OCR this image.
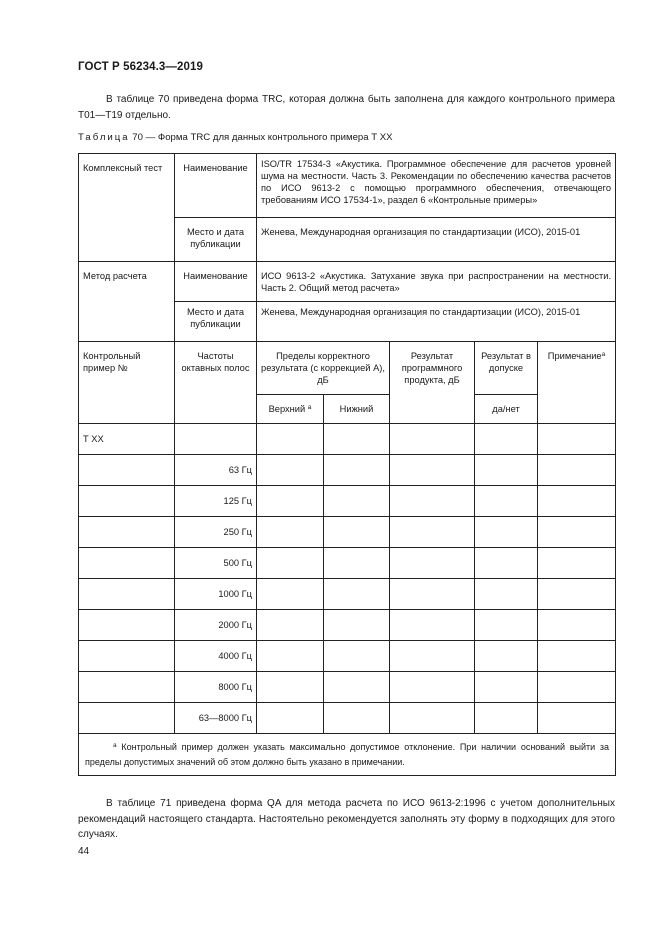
ГОСТ Р 56234.3—2019

В таблице 70 приведена форма TRC, которая должна быть заполнена для каждого контрольного примера Т01—Т19 отдельно.

Таблица 70 — Форма TRC для данных контрольного примера Т XX
Комплексный тест	Наименование	ISO/TR 17534-3 «Акустика. Программное обеспечение для расчетов уровней шума на местности. Часть 3. Рекомендации по обеспечению качества расчетов по ИСО 9613-2 с помощью программного обеспечения, отвечающего требованиям ИСО 17534-1», раздел 6 «Контрольные примеры»				
	Место и дата публикации	Женева, Международная организация по стандартизации (ИСО), 2015-01				
Метод расчета	Наименование	ИСО 9613-2 «Акустика. Затухание звука при распространении на местности. Часть 2. Общий метод расчета»				
	Место и дата публикации	Женева, Международная организация по стандартизации (ИСО), 2015-01				
Контрольный пример №	Частоты октавных полос	Пределы корректного результата (с коррекцией А), дБ		Результат программного продукта, дБ	Результат в допуске	Примечание$^а$
		Верхний $^а$	Нижний		да/нет	
Т XX						
	63 Гц					
	125 Гц					
	250 Гц					
	500 Гц					
	1000 Гц					
	2000 Гц					
	4000 Гц					
	8000 Гц					
	63—8000 Гц					
$^а$ Контрольный пример должен указать максимально допустимое отклонение. При наличии оснований выйти за пределы допустимых значений об этом должно быть указано в примечании.						

В таблице 71 приведена форма QA для метода расчета по ИСО 9613-2:1996 с учетом дополнительных рекомендаций настоящего стандарта. Настоятельно рекомендуется заполнять эту форму в подходящих для этого случаях.

44
